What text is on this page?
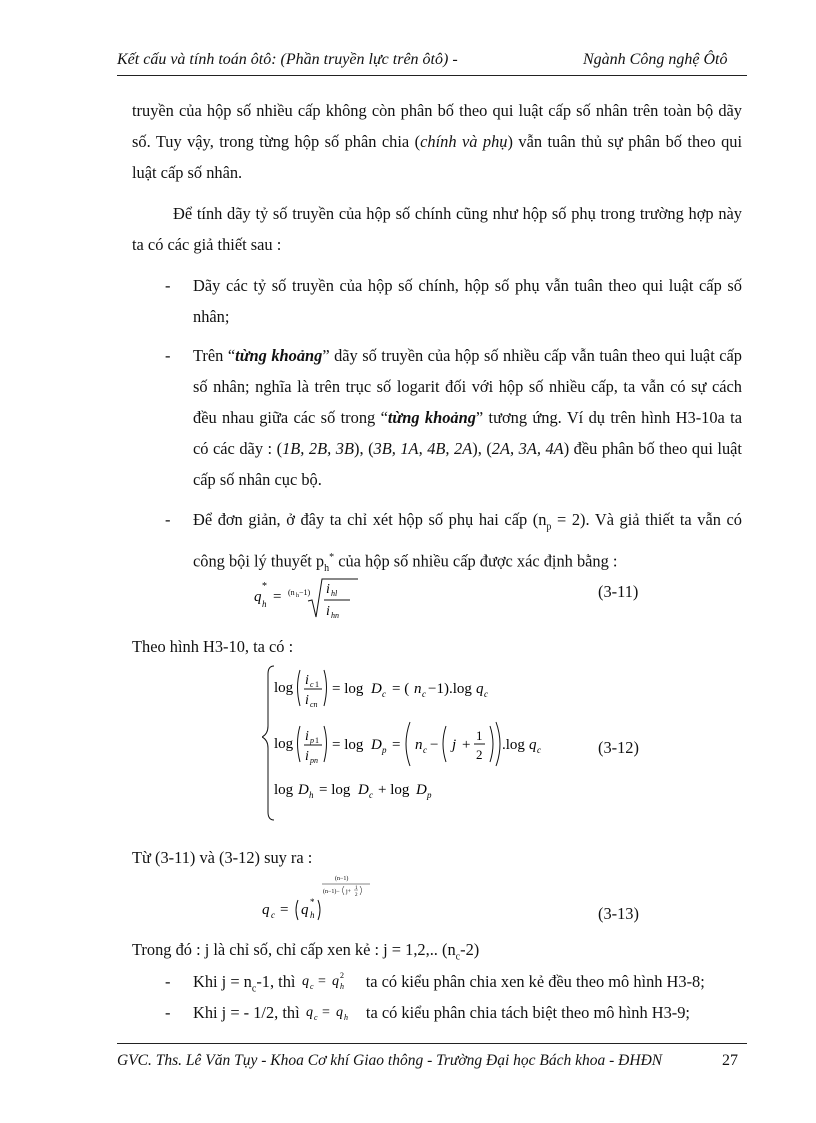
Kết cấu và tính toán ôtô: (Phần truyền lực trên ôtô) -	Ngành Công nghệ Ôtô

truyền của hộp số nhiều cấp không còn phân bố theo qui luật cấp số nhân trên toàn bộ dãy số. Tuy vậy, trong từng hộp số phân chia (chính và phụ) vẫn tuân thủ sự phân bố theo qui luật cấp số nhân.

Để tính dãy tỷ số truyền của hộp số chính cũng như hộp số phụ trong trường hợp này ta có các giả thiết sau :

- Dãy các tỷ số truyền của hộp số chính, hộp số phụ vẫn tuân theo qui luật cấp số nhân;

- Trên “từng khoảng” dãy số truyền của hộp số nhiều cấp vẫn tuân theo qui luật cấp số nhân; nghĩa là trên trục số logarit đối với hộp số nhiều cấp, ta vẫn có sự cách đều nhau giữa các số trong “từng khoảng” tương ứng. Ví dụ trên hình H3-10a ta có các dãy : (1B, 2B, 3B), (3B, 1A, 4B, 2A), (2A, 3A, 4A) đều phân bố theo qui luật cấp số nhân cục bộ.

- Để đơn giản, ở đây ta chỉ xét hộp số phụ hai cấp $(n_p = 2)$. Và giả thiết ta vẫn có công bội lý thuyết $p_h^*$ của hộp số nhiều cấp được xác định bằng :

q h
*
= (n h −1) i hl
i hn
(3-11)

Theo hình H3-10, ta có :

log i c 1
i cn
= log D c = ( n c −1).log q c
log i p 1
i pn
= log D p = n c − j +
1
2
.log q c
log D h = log D c + log D p
(3-12)

Từ (3-11) và (3-12) suy ra :

q c = q h
*
(n−1)
(n−1)− j+
1
2
(3-13)

Trong đó : j là chỉ số, chỉ cấp xen kẻ : j = 1,2,.. $(n_c-2)$

- Khi $j = n_c-1$, thì q c = q h
2 ta có kiểu phân chia xen kẻ đều theo mô hình H3-8;

- Khi j = - 1/2, thì q c = q h ta có kiểu phân chia tách biệt theo mô hình H3-9;

GVC. Ths. Lê Văn Tụy - Khoa Cơ khí Giao thông - Trường Đại học Bách khoa - ĐHĐN	27
